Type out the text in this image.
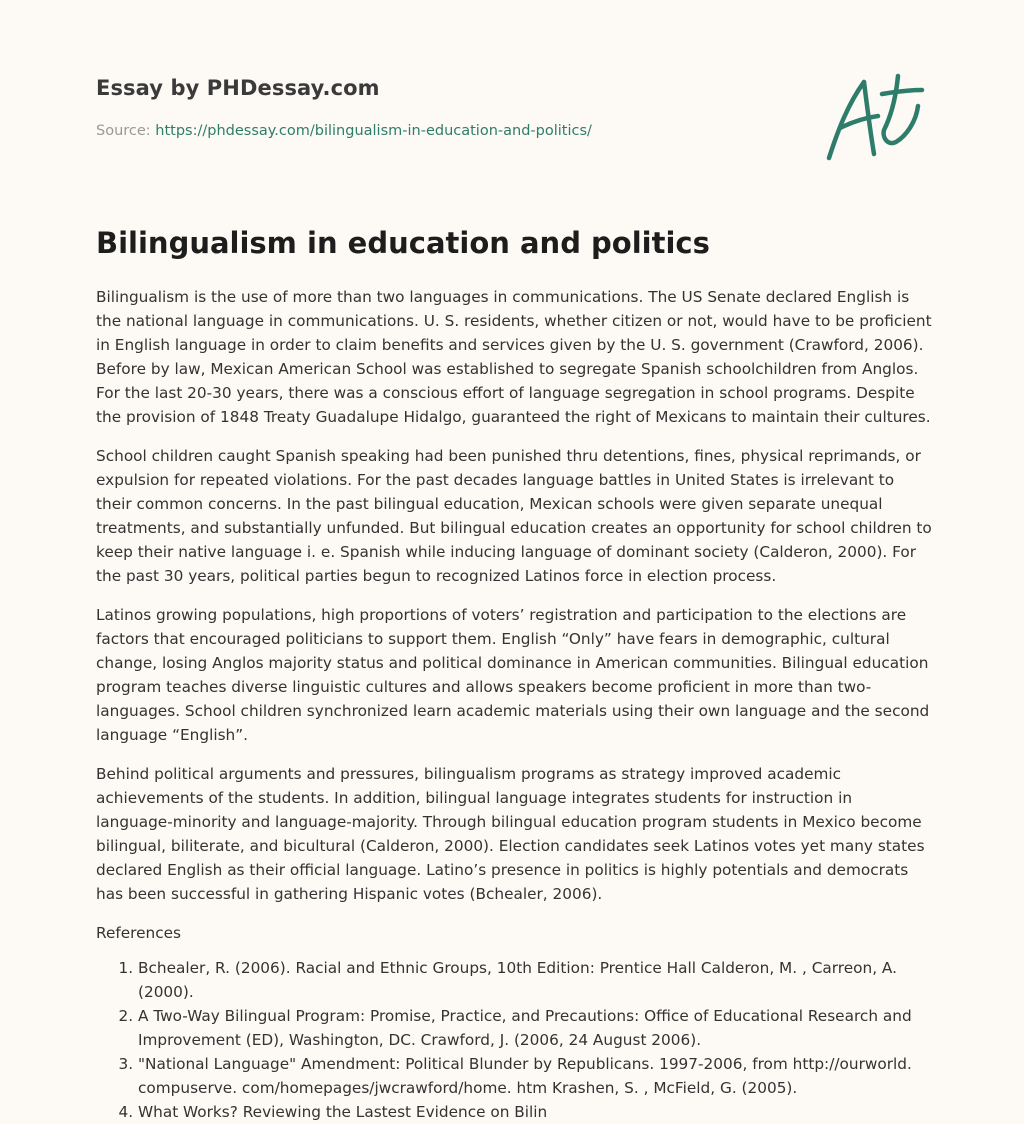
Essay by PHDessay.com
Source: https://phdessay.com/bilingualism-in-education-and-politics/
Bilingualism in education and politics

Bilingualism is the use of more than two languages in communications. The US Senate declared English is the national language in communications. U. S. residents, whether citizen or not, would have to be proficient in English language in order to claim benefits and services given by the U. S. government (Crawford, 2006). Before by law, Mexican American School was established to segregate Spanish schoolchildren from Anglos. For the last 20-30 years, there was a conscious effort of language segregation in school programs. Despite the provision of 1848 Treaty Guadalupe Hidalgo, guaranteed the right of Mexicans to maintain their cultures.

School children caught Spanish speaking had been punished thru detentions, fines, physical reprimands, or expulsion for repeated violations. For the past decades language battles in United States is irrelevant to their common concerns. In the past bilingual education, Mexican schools were given separate unequal treatments, and substantially unfunded. But bilingual education creates an opportunity for school children to keep their native language i. e. Spanish while inducing language of dominant society (Calderon, 2000). For the past 30 years, political parties begun to recognized Latinos force in election process.

Latinos growing populations, high proportions of voters’ registration and participation to the elections are factors that encouraged politicians to support them. English “Only” have fears in demographic, cultural change, losing Anglos majority status and political dominance in American communities. Bilingual education program teaches diverse linguistic cultures and allows speakers become proficient in more than two-languages. School children synchronized learn academic materials using their own language and the second language “English”.

Behind political arguments and pressures, bilingualism programs as strategy improved academic achievements of the students. In addition, bilingual language integrates students for instruction in language-minority and language-majority. Through bilingual education program students in Mexico become bilingual, biliterate, and bicultural (Calderon, 2000). Election candidates seek Latinos votes yet many states declared English as their official language. Latino’s presence in politics is highly potentials and democrats has been successful in gathering Hispanic votes (Bchealer, 2006).

References
1. Bchealer, R. (2006). Racial and Ethnic Groups, 10th Edition: Prentice Hall Calderon, M. , Carreon, A. (2000).
2. A Two-Way Bilingual Program: Promise, Practice, and Precautions: Office of Educational Research and Improvement (ED), Washington, DC. Crawford, J. (2006, 24 August 2006).
3. "National Language" Amendment: Political Blunder by Republicans. 1997-2006, from http://ourworld. compuserve. com/homepages/jwcrawford/home. htm Krashen, S. , McField, G. (2005).
4. What Works? Reviewing the Lastest Evidence on Bilin
